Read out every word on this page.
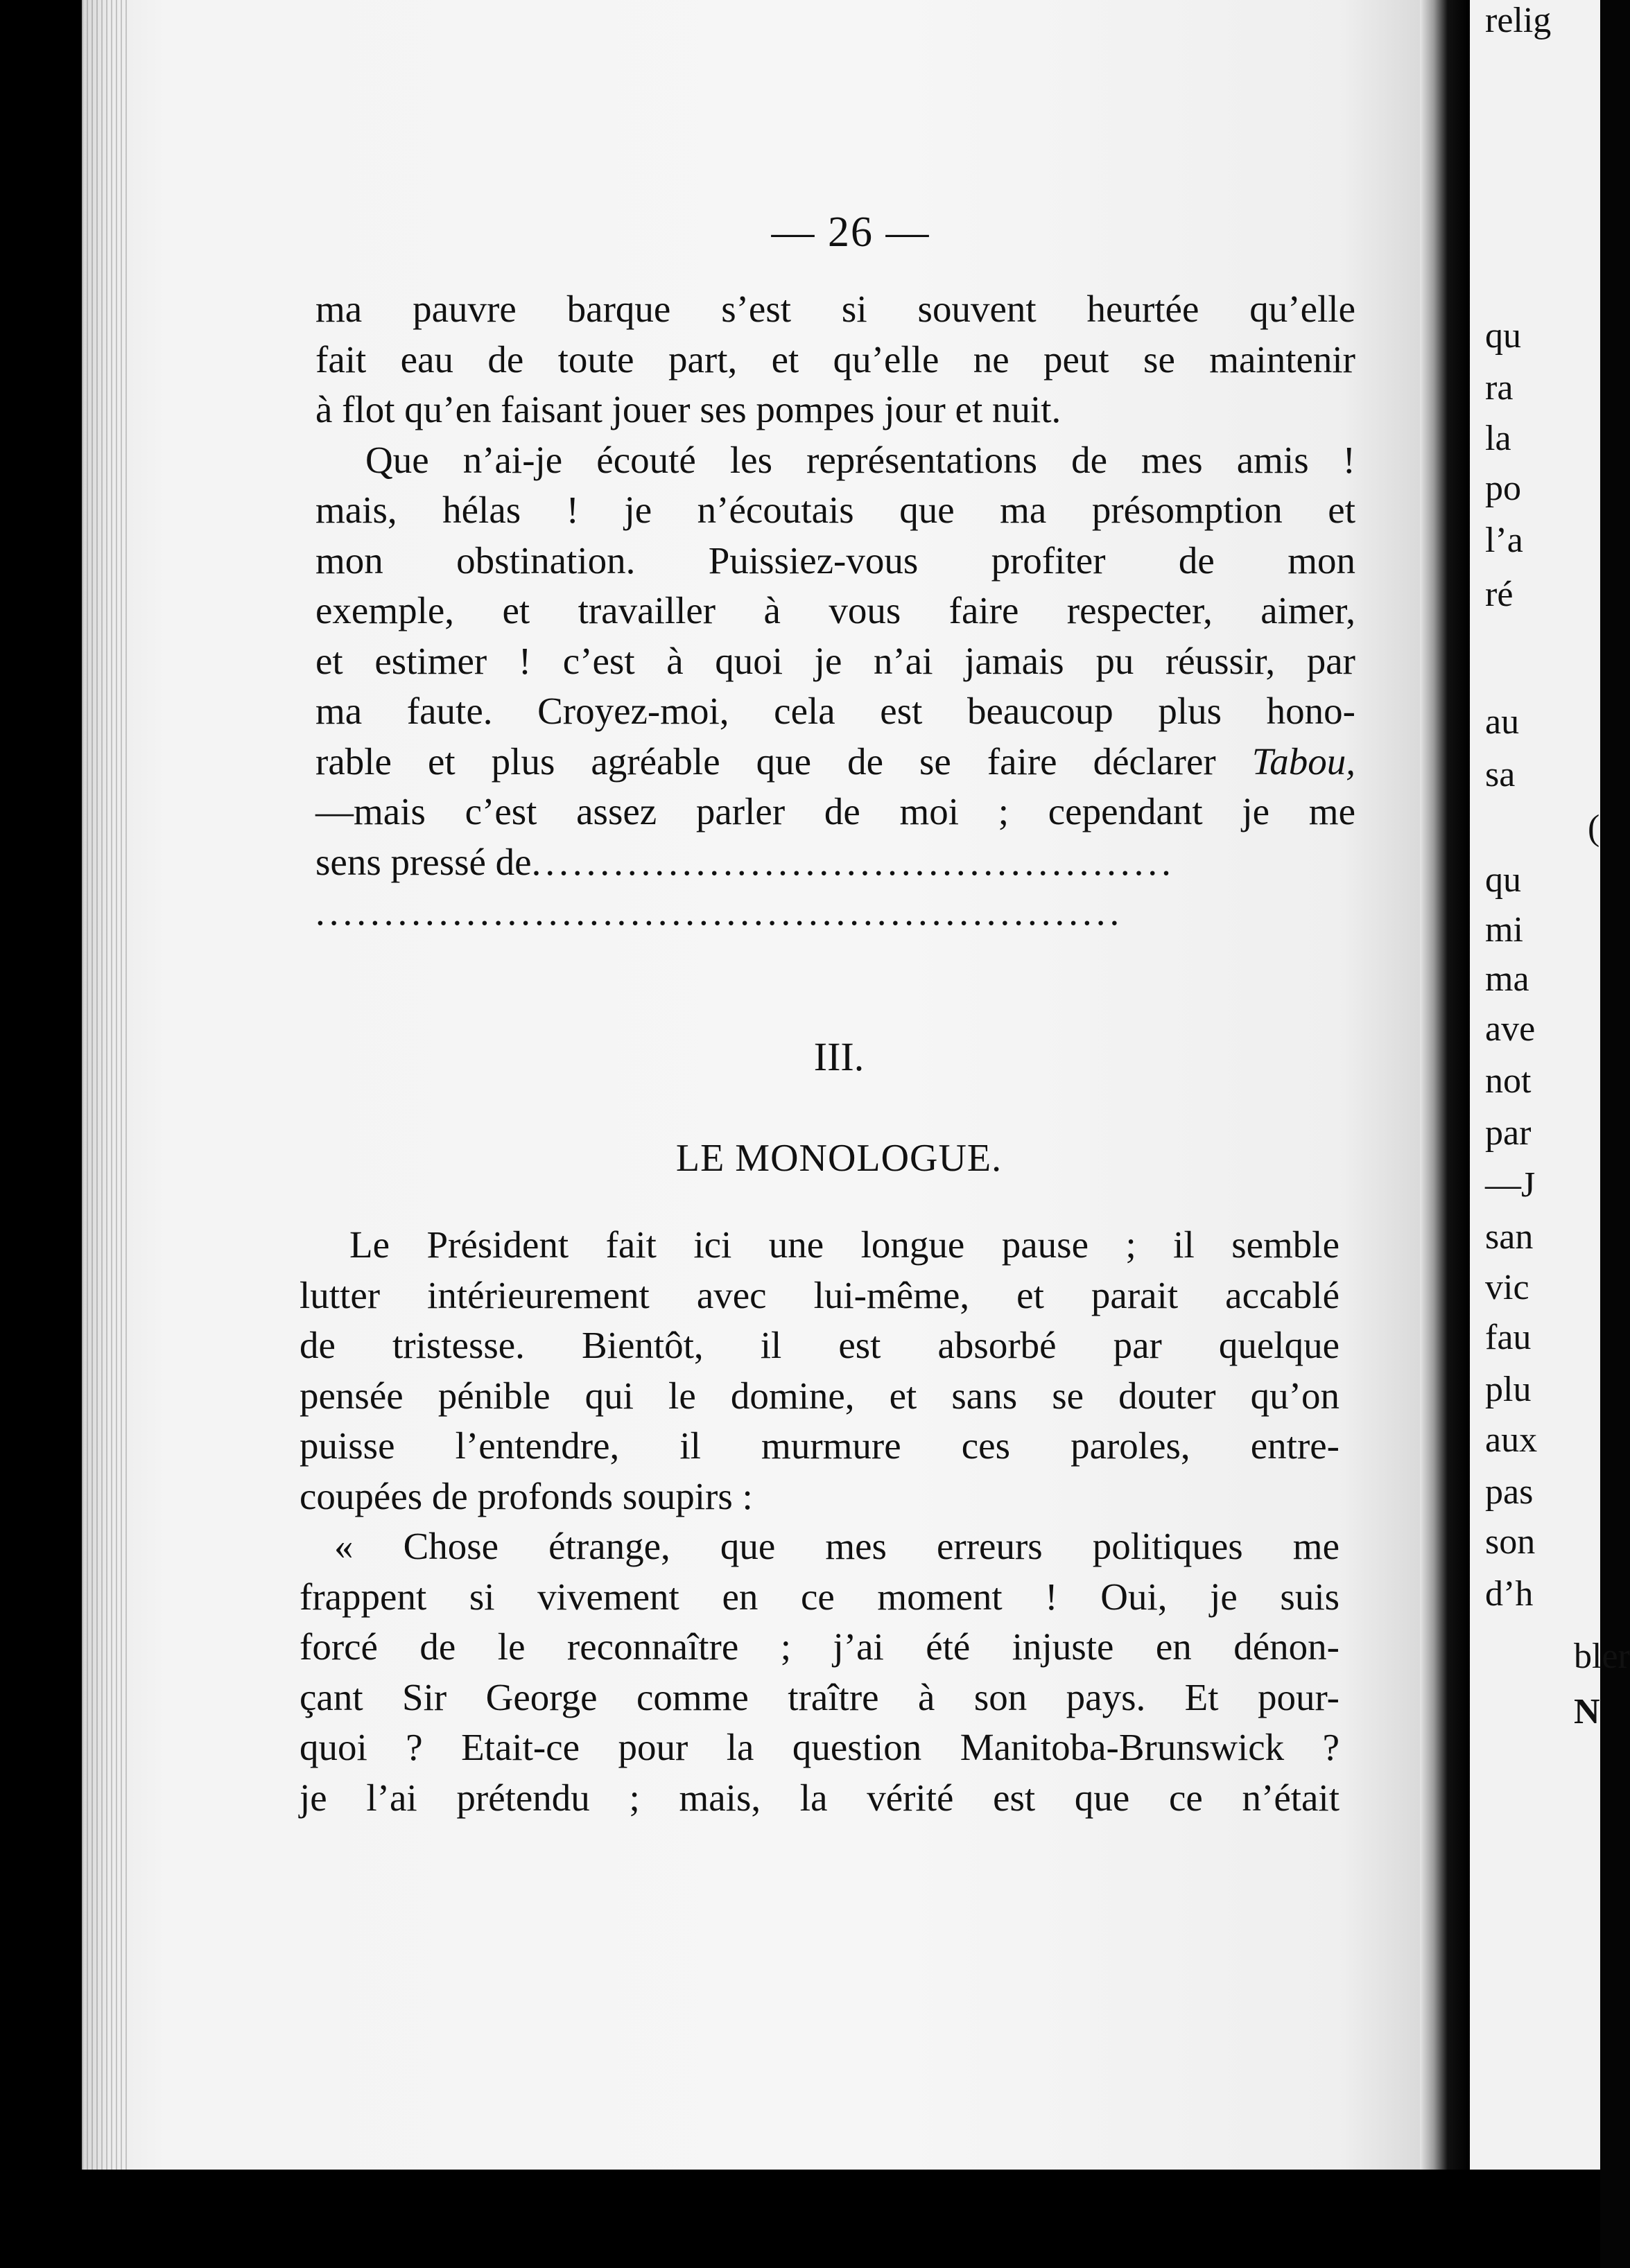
— 26 —

ma pauvre barque s’est si souvent heurtée qu’elle
fait eau de toute part, et qu’elle ne peut se maintenir
à flot qu’en faisant jouer ses pompes jour et nuit.

Que n’ai-je écouté les représentations de mes amis !
mais, hélas ! je n’écoutais que ma présomption et
mon obstination. Puissiez-vous profiter de mon
exemple, et travailler à vous faire respecter, aimer,
et estimer ! c’est à quoi je n’ai jamais pu réussir, par
ma faute. Croyez-moi, cela est beaucoup plus hono-
rable et plus agréable que de se faire déclarer Tabou,
—mais c’est assez parler de moi ; cependant je me
sens pressé de...............................................

...........................................................
III.
LE MONOLOGUE.

Le Président fait ici une longue pause ; il semble
lutter intérieurement avec lui-même, et parait accablé
de tristesse. Bientôt, il est absorbé par quelque
pensée pénible qui le domine, et sans se douter qu’on
puisse l’entendre, il murmure ces paroles, entre-
coupées de profonds soupirs :

« Chose étrange, que mes erreurs politiques me
frappent si vivement en ce moment ! Oui, je suis
forcé de le reconnaître ; j’ai été injuste en dénon-
çant Sir George comme traître à son pays. Et pour-
quoi ? Etait-ce pour la question Manitoba-Brunswick ?
je l’ai prétendu ; mais, la vérité est que ce n’était

qu
ra
la
po
l’a
ré
au
sa
(
qu
mi
ma
ave
not
par
—J
san
vic
fau
plu
aux
pas
son
d’h
bler
N
relig
